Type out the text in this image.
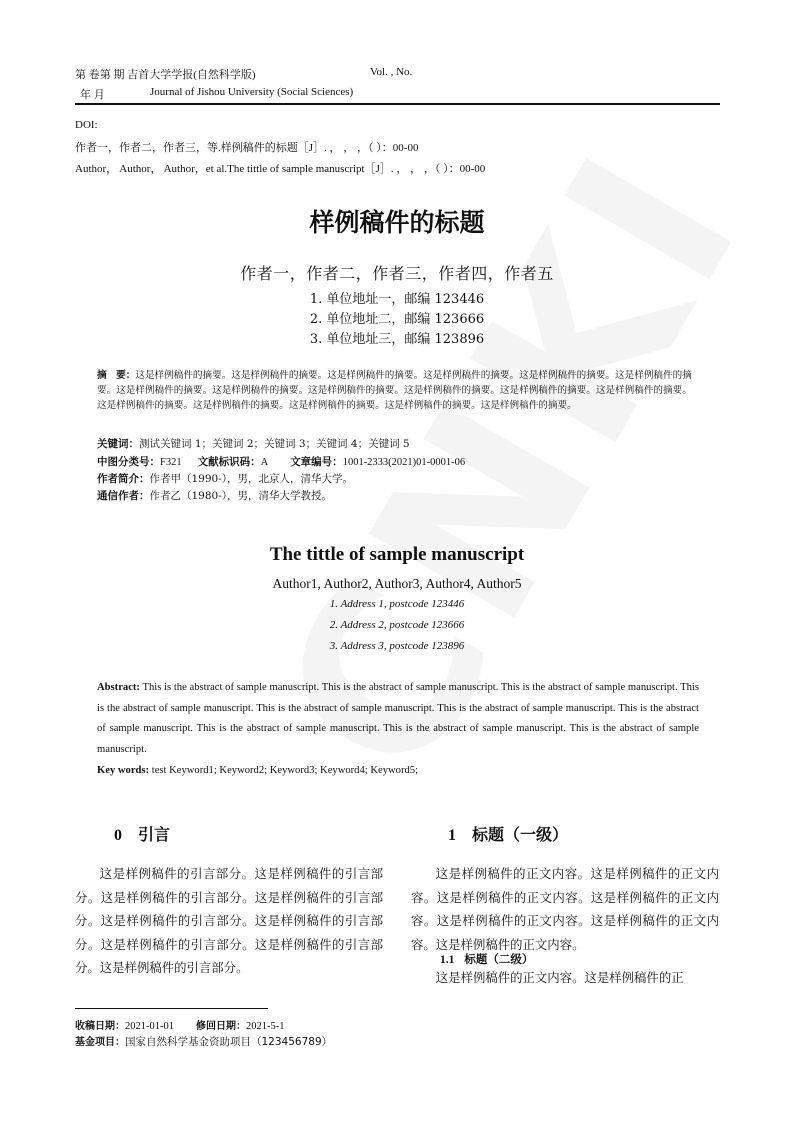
第 卷第 期 吉首大学学报(自然科学版)	Vol. , No.
年 月	Journal of Jishou University (Social Sciences)
DOI:
作者一，作者二，作者三，等.样例稿件的标题［J］. ， ， ，（ ）：00-00
Author， Author， Author，et al.The tittle of sample manuscript［J］. ， ， ，（ ）：00-00
样例稿件的标题
作者一，作者二，作者三，作者四，作者五
1. 单位地址一，邮编 123446
2. 单位地址二，邮编 123666
3. 单位地址三，邮编 123896
摘　要：这是样例稿件的摘要。这是样例稿件的摘要。这是样例稿件的摘要。这是样例稿件的摘要。这是样例稿件的摘要。这是样例稿件的摘要。这是样例稿件的摘要。这是样例稿件的摘要。这是样例稿件的摘要。这是样例稿件的摘要。这是样例稿件的摘要。这是样例稿件的摘要。这是样例稿件的摘要。这是样例稿件的摘要。这是样例稿件的摘要。这是样例稿件的摘要。这是样例稿件的摘要。
关键词：测试关键词 1；关键词 2；关键词 3；关键词 4；关键词 5
中图分类号：F321 文献标识码：A 文章编号：1001-2333(2021)01-0001-06
作者简介：作者甲（1990-），男，北京人，清华大学。
通信作者：作者乙（1980-），男，清华大学教授。
The tittle of sample manuscript
Author1, Author2, Author3, Author4, Author5
1. Address 1, postcode 123446
2. Address 2, postcode 123666
3. Address 3, postcode 123896
Abstract: This is the abstract of sample manuscript. This is the abstract of sample manuscript. This is the abstract of sample manuscript. This is the abstract of sample manuscript. This is the abstract of sample manuscript. This is the abstract of sample manuscript. This is the abstract of sample manuscript. This is the abstract of sample manuscript. This is the abstract of sample manuscript. This is the abstract of sample manuscript.
Key words: test Keyword1; Keyword2; Keyword3; Keyword4; Keyword5;
0 引言

这是样例稿件的引言部分。这是样例稿件的引言部分。这是样例稿件的引言部分。这是样例稿件的引言部分。这是样例稿件的引言部分。这是样例稿件的引言部分。这是样例稿件的引言部分。这是样例稿件的引言部分。这是样例稿件的引言部分。

1 标题（一级）

这是样例稿件的正文内容。这是样例稿件的正文内容。这是样例稿件的正文内容。这是样例稿件的正文内容。这是样例稿件的正文内容。这是样例稿件的正文内容。这是样例稿件的正文内容。

1.1 标题（二级）

这是样例稿件的正文内容。这是样例稿件的正

收稿日期：2021-01-01 修回日期：2021-5-1
基金项目：国家自然科学基金资助项目（123456789）
